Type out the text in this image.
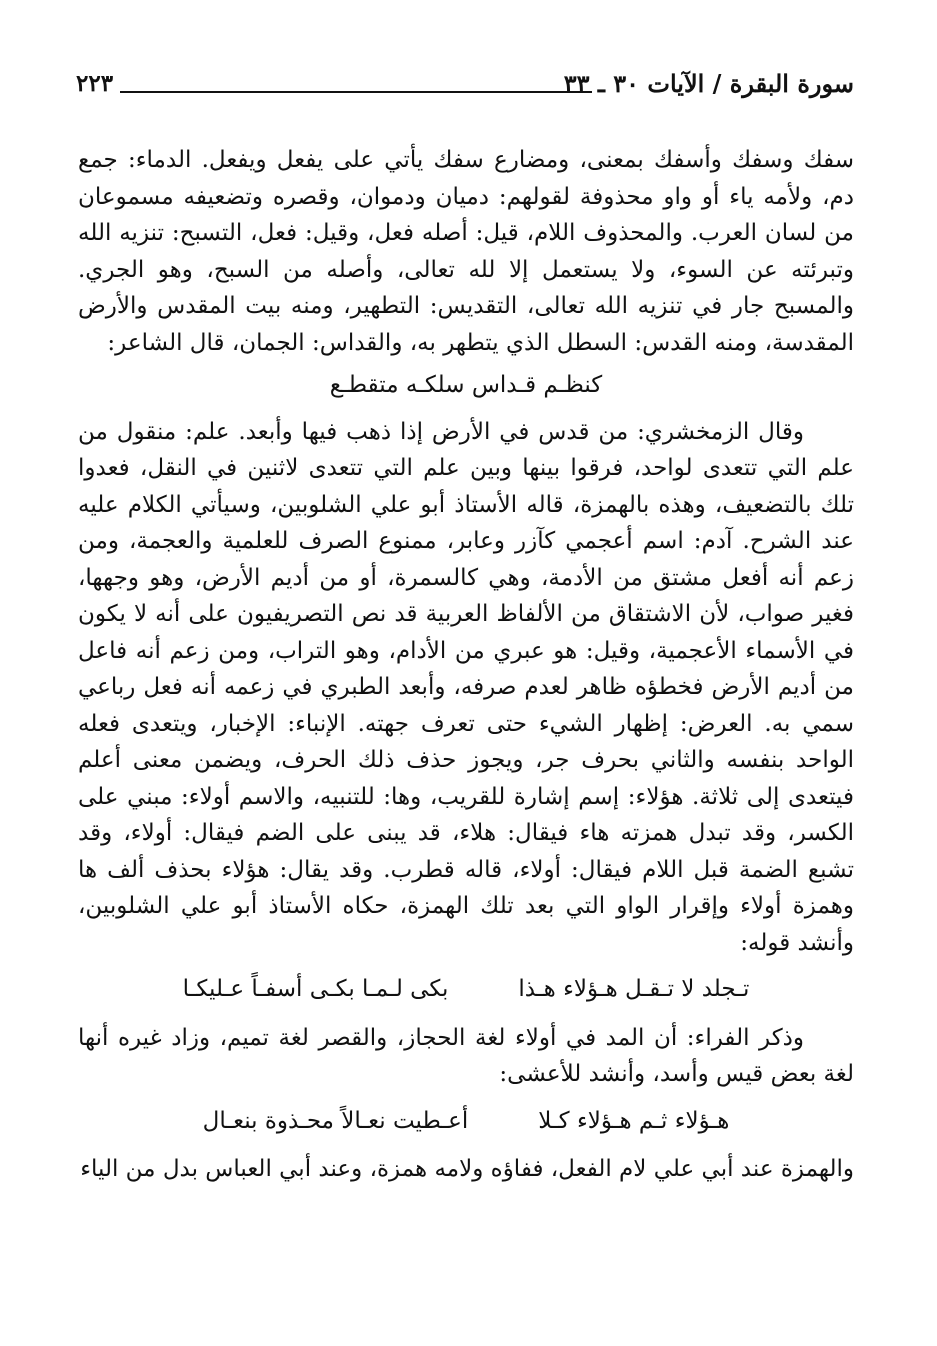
سورة البقرة / الآيات ٣٠ ـ ٣٣
٢٢٣

سفك وسفك وأسفك بمعنى، ومضارع سفك يأتي على يفعل ويفعل. الدماء: جمع دم، ولأمه ياء أو واو محذوفة لقولهم: دميان ودموان، وقصره وتضعيفه مسموعان من لسان العرب. والمحذوف اللام، قيل: أصله فعل، وقيل: فعل، التسبح: تنزيه الله وتبرئته عن السوء، ولا يستعمل إلا لله تعالى، وأصله من السبح، وهو الجري. والمسبح جار في تنزيه الله تعالى، التقديس: التطهير، ومنه بيت المقدس والأرض المقدسة، ومنه القدس: السطل الذي يتطهر به، والقداس: الجمان، قال الشاعر:

كنظـم قـداس سلكـه متقطـع

وقال الزمخشري: من قدس في الأرض إذا ذهب فيها وأبعد. علم: منقول من علم التي تتعدى لواحد، فرقوا بينها وبين علم التي تتعدى لاثنين في النقل، فعدوا تلك بالتضعيف، وهذه بالهمزة، قاله الأستاذ أبو علي الشلوبين، وسيأتي الكلام عليه عند الشرح. آدم: اسم أعجمي كآزر وعابر، ممنوع الصرف للعلمية والعجمة، ومن زعم أنه أفعل مشتق من الأدمة، وهي كالسمرة، أو من أديم الأرض، وهو وجهها، فغير صواب، لأن الاشتقاق من الألفاظ العربية قد نص التصريفيون على أنه لا يكون في الأسماء الأعجمية، وقيل: هو عبري من الأدام، وهو التراب، ومن زعم أنه فاعل من أديم الأرض فخطؤه ظاهر لعدم صرفه، وأبعد الطبري في زعمه أنه فعل رباعي سمي به. العرض: إظهار الشيء حتى تعرف جهته. الإنباء: الإخبار، ويتعدى فعله الواحد بنفسه والثاني بحرف جر، ويجوز حذف ذلك الحرف، ويضمن معنى أعلم فيتعدى إلى ثلاثة. هؤلاء: إسم إشارة للقريب، وها: للتنبيه، والاسم أولاء: مبني على الكسر، وقد تبدل همزته هاء فيقال: هلاء، قد يبنى على الضم فيقال: أولاء، وقد تشبع الضمة قبل اللام فيقال: أولاء، قاله قطرب. وقد يقال: هؤلاء بحذف ألف ها وهمزة أولاء وإقرار الواو التي بعد تلك الهمزة، حكاه الأستاذ أبو علي الشلوبين، وأنشد قوله:

تـجلد لا تـقـل هـؤلاء هـذا
بكى لـمـا بكـى أسفـاً عـليكـا

وذكر الفراء: أن المد في أولاء لغة الحجاز، والقصر لغة تميم، وزاد غيره أنها لغة بعض قيس وأسد، وأنشد للأعشى:

هـؤلاء ثـم هـؤلاء كـلا
أعـطيت نعـالاً محـذوة بنعـال

والهمزة عند أبي علي لام الفعل، ففاؤه ولامه همزة، وعند أبي العباس بدل من الياء
